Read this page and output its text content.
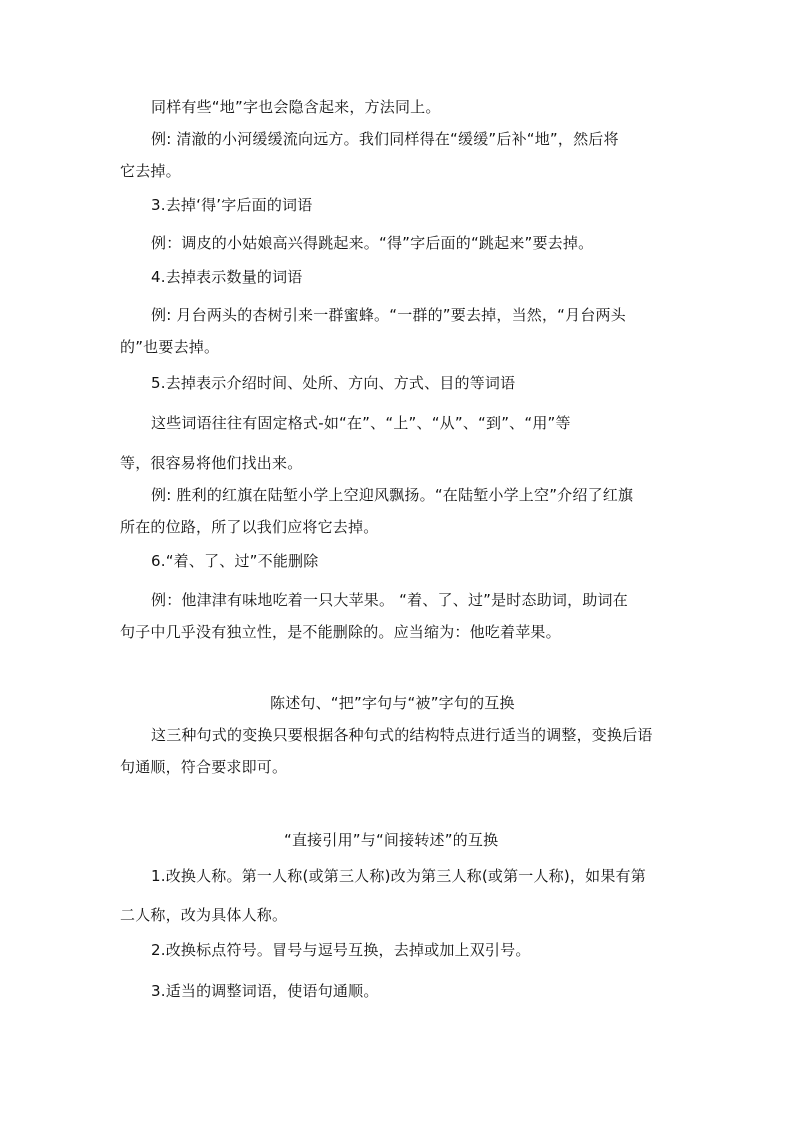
同样有些“地”字也会隐含起来，方法同上。
例: 清澈的小河缓缓流向远方。我们同样得在“缓缓”后补“地”，然后将
它去掉。
3.去掉‘得’字后面的词语
例：调皮的小姑娘高兴得跳起来。“得”字后面的“跳起来”要去掉。
4.去掉表示数量的词语
例: 月台两头的杏树引来一群蜜蜂。“一群的”要去掉，当然，“月台两头
的”也要去掉。
5.去掉表示介绍时间、处所、方向、方式、目的等词语
这些词语往往有固定格式-如“在”、“上”、“从”、“到”、“用”等
等，很容易将他们找出来。
例: 胜利的红旗在陆堑小学上空迎风飘扬。“在陆堑小学上空”介绍了红旗
所在的位路，所了以我们应将它去掉。
6.“着、了、过”不能删除
例：他津津有味地吃着一只大苹果。 “着、了、过”是时态助词，助词在
句子中几乎没有独立性，是不能删除的。应当缩为：他吃着苹果。
陈述句、“把”字句与“被”字句的互换
这三种句式的变换只要根据各种句式的结构特点进行适当的调整，变换后语
句通顺，符合要求即可。
“直接引用”与“间接转述”的互换
1.改换人称。第一人称(或第三人称)改为第三人称(或第一人称)，如果有第
二人称，改为具体人称。
2.改换标点符号。冒号与逗号互换，去掉或加上双引号。
3.适当的调整词语，使语句通顺。
